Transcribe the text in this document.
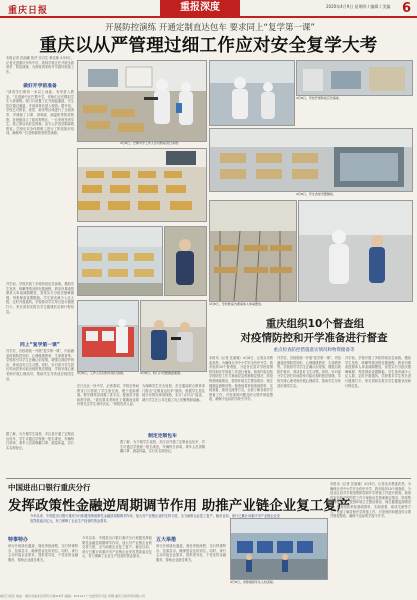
重庆日报	重报深度	2020年4月9日 星期四 / 编辑 / 美编 6
开展防控演练 开通定制直达包车 要求同上“复学第一课”
重庆以从严管理过细工作应对安全复学大考
本报记者 匡丽娜 张莎 实习生 黄佳敏 4月8日，记者走进重庆多所中学，看到学校正在开展全面消杀、防疫演练，为即将到来的开学做好准备工作。
做好开学前准备
“请同学们保持一米以上间距，有序进入教室。”走进渝中区巴蜀中学，老师们正在模拟学生入校流程。校门口设置了红外测温通道，学生依次通过测温、手部消毒后进入校园。据介绍，学校已对教室、食堂、宿舍等区域进行了全面消杀，并储备了口罩、消毒液、测温枪等防疫物资。各班级设立了临时观察区，一旦发现发热学生，将立即启动应急预案，由专人护送至隔离观察室。学校还对全体教职工进行了防疫知识培训，确保每一位老师都熟悉防控流程。
开学前，学校开展了多轮防疫应急演练，模拟学生发热、咳嗽等情况的处置流程。教室内课桌按照单人单桌间隔摆放，食堂实行分批次错峰就餐，每张餐桌设置隔板。学生宿舍减少入住人数，定时开窗通风。学校要求学生每日进行健康打卡，家长须如实报告学生健康状况和行程信息。
同上“复学第一课”
开学后，各校将统一开展“复学第一课”，内容涵盖疫情防控知识、心理健康教育、生命教育等。学校将引导学生正确认识疫情，增强自我防护意识，养成良好卫生习惯。同时，针对部分学生因长时间居家可能出现的焦虑情绪，学校安排心理老师开展心理疏导，帮助学生尽快适应校园生活。
据了解，为方便学生返校，多区县开通了定制直达包车，学生可通过学校统一报名乘坐，车辆每日消毒，乘车人员须佩戴口罩、测量体温，实行实名制登记。
4月8日，巴蜀中学工作人员对教室进行消毒。
4月8日，工作人员对校车进行消毒。	4月8日，校门口设置测温通道。
在江北区一所中学，记者看到，学校在每间教室门口张贴了学生座位表，便于追踪溯源。教学楼每层设置了洗手点，配备洗手液和擦手纸。“我们要求老师在上课期间也要时刻关注学生身体状况。”该校负责人说。
为保障学生安全返校，市交通局联合教育部门推出“定制直达包车”服务，根据学生居住地分布情况规划线路，实行“点对点”接送，减少学生在公共交通工具上的聚集和接触。
制定定制包车
据了解，为方便学生返校，多区县开通了定制直达包车，学生可通过学校统一报名乘坐，车辆每日消毒，乘车人员须佩戴口罩、测量体温，实行实名制登记。
4月8日，学校开展防疫应急演练。
4月8日，学生食堂设置隔板。
4月8日，学校教室内课桌单人单桌摆放。
重庆组织10个督查组
对疫情防控和开学准备进行督查
重点检查防控措施落实情况和物资储备等
本报讯（记者 匡丽娜）4月8日，记者从市教委获悉，为确保全市中小学安全有序开学，我市组织10个督查组，分赴各区县对学校疫情防控和开学准备工作进行督查。督查内容包括学校防控工作方案和应急预案制定情况、防疫物资储备情况、校园环境卫生整治情况、师生健康监测情况等。督查组将采取查阅资料、实地查看、座谈交流等方式，全面了解各校开学准备工作，对发现的问题及时反馈并督促整改，确保不达标的学校不开学。
开学后，各校将统一开展“复学第一课”，内容涵盖疫情防控知识、心理健康教育、生命教育等。学校将引导学生正确认识疫情，增强自我防护意识，养成良好卫生习惯。同时，针对部分学生因长时间居家可能出现的焦虑情绪，学校安排心理老师开展心理疏导，帮助学生尽快适应校园生活。
开学前，学校开展了多轮防疫应急演练，模拟学生发热、咳嗽等情况的处置流程。教室内课桌按照单人单桌间隔摆放，食堂实行分批次错峰就餐，每张餐桌设置隔板。学生宿舍减少入住人数，定时开窗通风。学校要求学生每日进行健康打卡，家长须如实报告学生健康状况和行程信息。
中国进出口银行重庆分行
发挥政策性金融逆周期调节作用 助推产业链企业复工复产
今年以来，中国进出口银行重庆分行积极发挥政策性金融逆周期调节作用，加大对产业链企业的支持力度，全力助推企业复工复产。截至目前，该行已累计向重庆市产业链企业发放贷款逾百亿元，有力保障了企业生产经营的资金需求。
特事特办
该行开辟绿色通道，简化审批流程，实行特事特办、急事急办，确保资金及时到位。同时，该行主动对接企业需求，提供差异化、个性化的金融服务，帮助企业渡过难关。
今年以来，中国进出口银行重庆分行积极发挥政策性金融逆周期调节作用，加大对产业链企业的支持力度，全力助推企业复工复产。截至目前，该行已累计向重庆市产业链企业发放贷款逾百亿元，有力保障了企业生产经营的资金需求。
五大举措
该行开辟绿色通道，简化审批流程，实行特事特办、急事急办，确保资金及时到位。同时，该行主动对接企业需求，提供差异化、个性化的金融服务，帮助企业渡过难关。
4月8日，老师模拟学生入校流程。
本报讯（记者 匡丽娜）4月8日，记者从市教委获悉，为确保全市中小学安全有序开学，我市组织10个督查组，分赴各区县对学校疫情防控和开学准备工作进行督查。督查内容包括学校防控工作方案和应急预案制定情况、防疫物资储备情况、校园环境卫生整治情况、师生健康监测情况等。督查组将采取查阅资料、实地查看、座谈交流等方式，全面了解各校开学准备工作，对发现的问题及时反馈并督促整改，确保不达标的学校不开学。
重庆日报社 地址：重庆市渝北区同茂大道416号 邮编：401147 广告经营许可证 印刷 重庆日报印务有限公司
